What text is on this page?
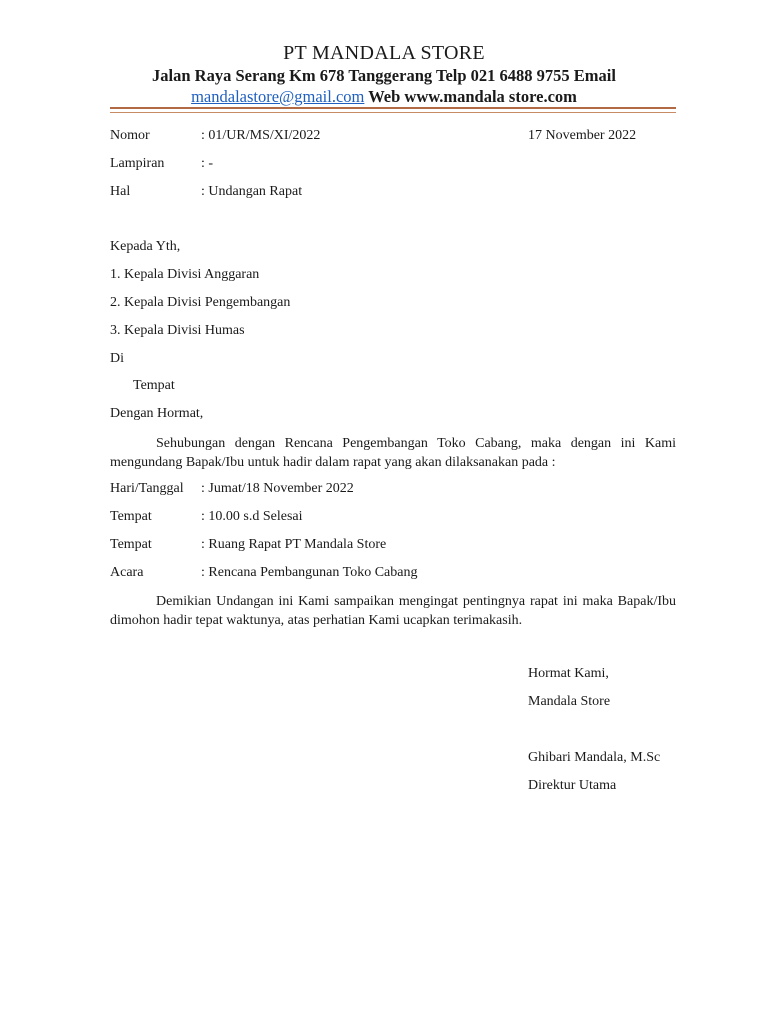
PT MANDALA STORE
Jalan Raya Serang Km 678 Tanggerang Telp 021 6488 9755 Email
mandalastore@gmail.com Web www.mandala store.com
Nomor	: 01/UR/MS/XI/2022	17 November 2022
Lampiran	: -
Hal	: Undangan Rapat
Kepada Yth,
1. Kepala Divisi Anggaran
2. Kepala Divisi Pengembangan
3. Kepala Divisi Humas
Di
Tempat
Dengan Hormat,
Sehubungan dengan Rencana Pengembangan Toko Cabang, maka dengan ini Kami mengundang Bapak/Ibu untuk hadir dalam rapat yang akan dilaksanakan pada :
Hari/Tanggal : Jumat/18 November 2022
Tempat	: 10.00 s.d Selesai
Tempat	: Ruang Rapat PT Mandala Store
Acara	: Rencana Pembangunan Toko Cabang
Demikian Undangan ini Kami sampaikan mengingat pentingnya rapat ini maka Bapak/Ibu dimohon hadir tepat waktunya, atas perhatian Kami ucapkan terimakasih.
Hormat Kami,
Mandala Store
Ghibari Mandala, M.Sc
Direktur Utama
